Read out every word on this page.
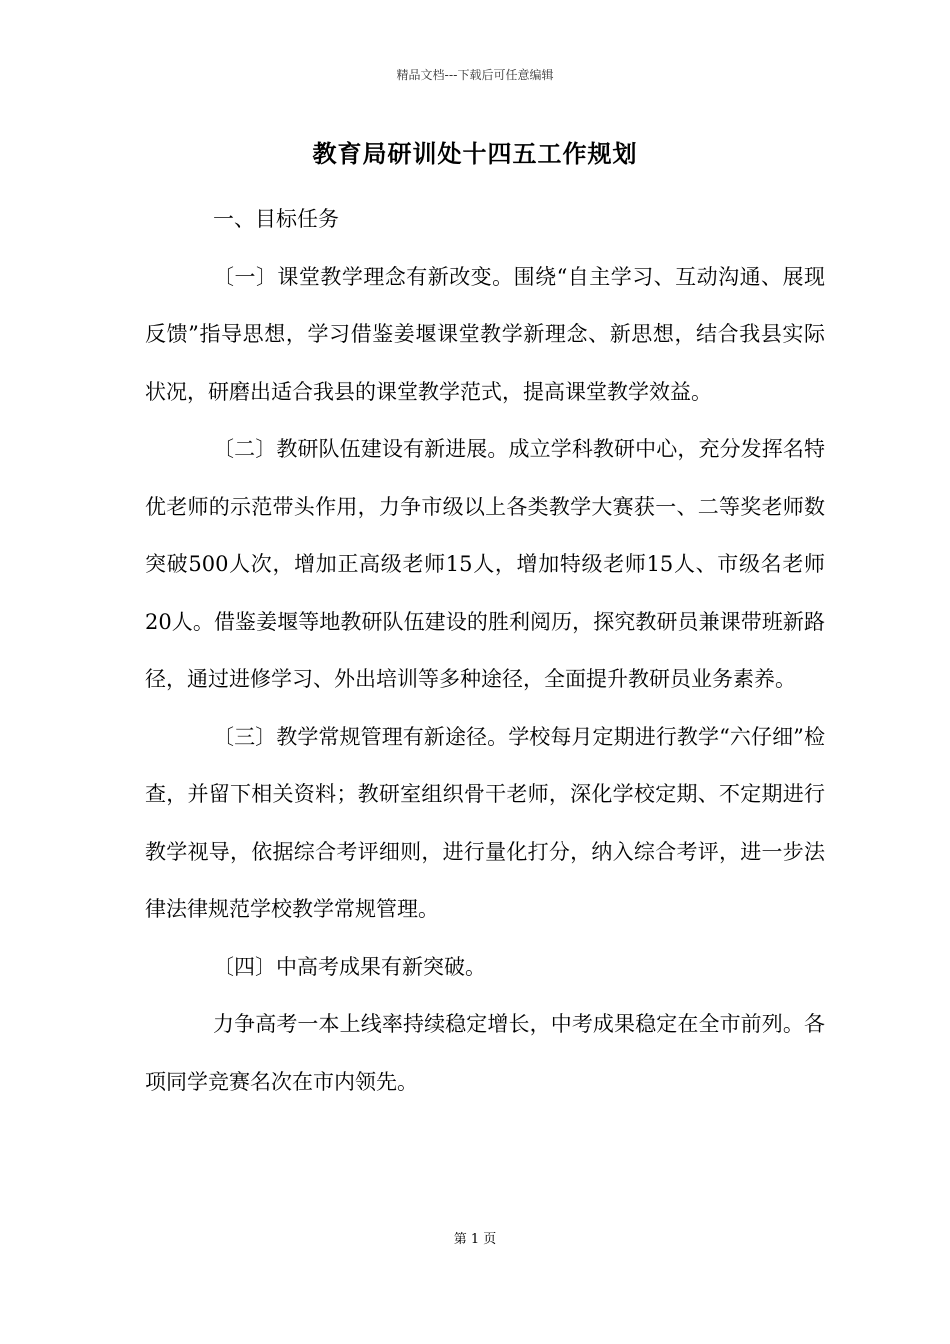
精品文档---下载后可任意编辑
教育局研训处十四五工作规划

一、目标任务

〔一〕课堂教学理念有新改变。围绕“自主学习、互动沟通、展现反馈”指导思想，学习借鉴姜堰课堂教学新理念、新思想，结合我县实际状况，研磨出适合我县的课堂教学范式，提高课堂教学效益。

〔二〕教研队伍建设有新进展。成立学科教研中心，充分发挥名特优老师的示范带头作用，力争市级以上各类教学大赛获一、二等奖老师数突破500人次，增加正高级老师15人，增加特级老师15人、市级名老师20人。借鉴姜堰等地教研队伍建设的胜利阅历，探究教研员兼课带班新路径，通过进修学习、外出培训等多种途径，全面提升教研员业务素养。

〔三〕教学常规管理有新途径。学校每月定期进行教学“六仔细”检查，并留下相关资料；教研室组织骨干老师，深化学校定期、不定期进行教学视导，依据综合考评细则，进行量化打分，纳入综合考评，进一步法律法律规范学校教学常规管理。

〔四〕中高考成果有新突破。

力争高考一本上线率持续稳定增长，中考成果稳定在全市前列。各项同学竞赛名次在市内领先。

第 1 页
